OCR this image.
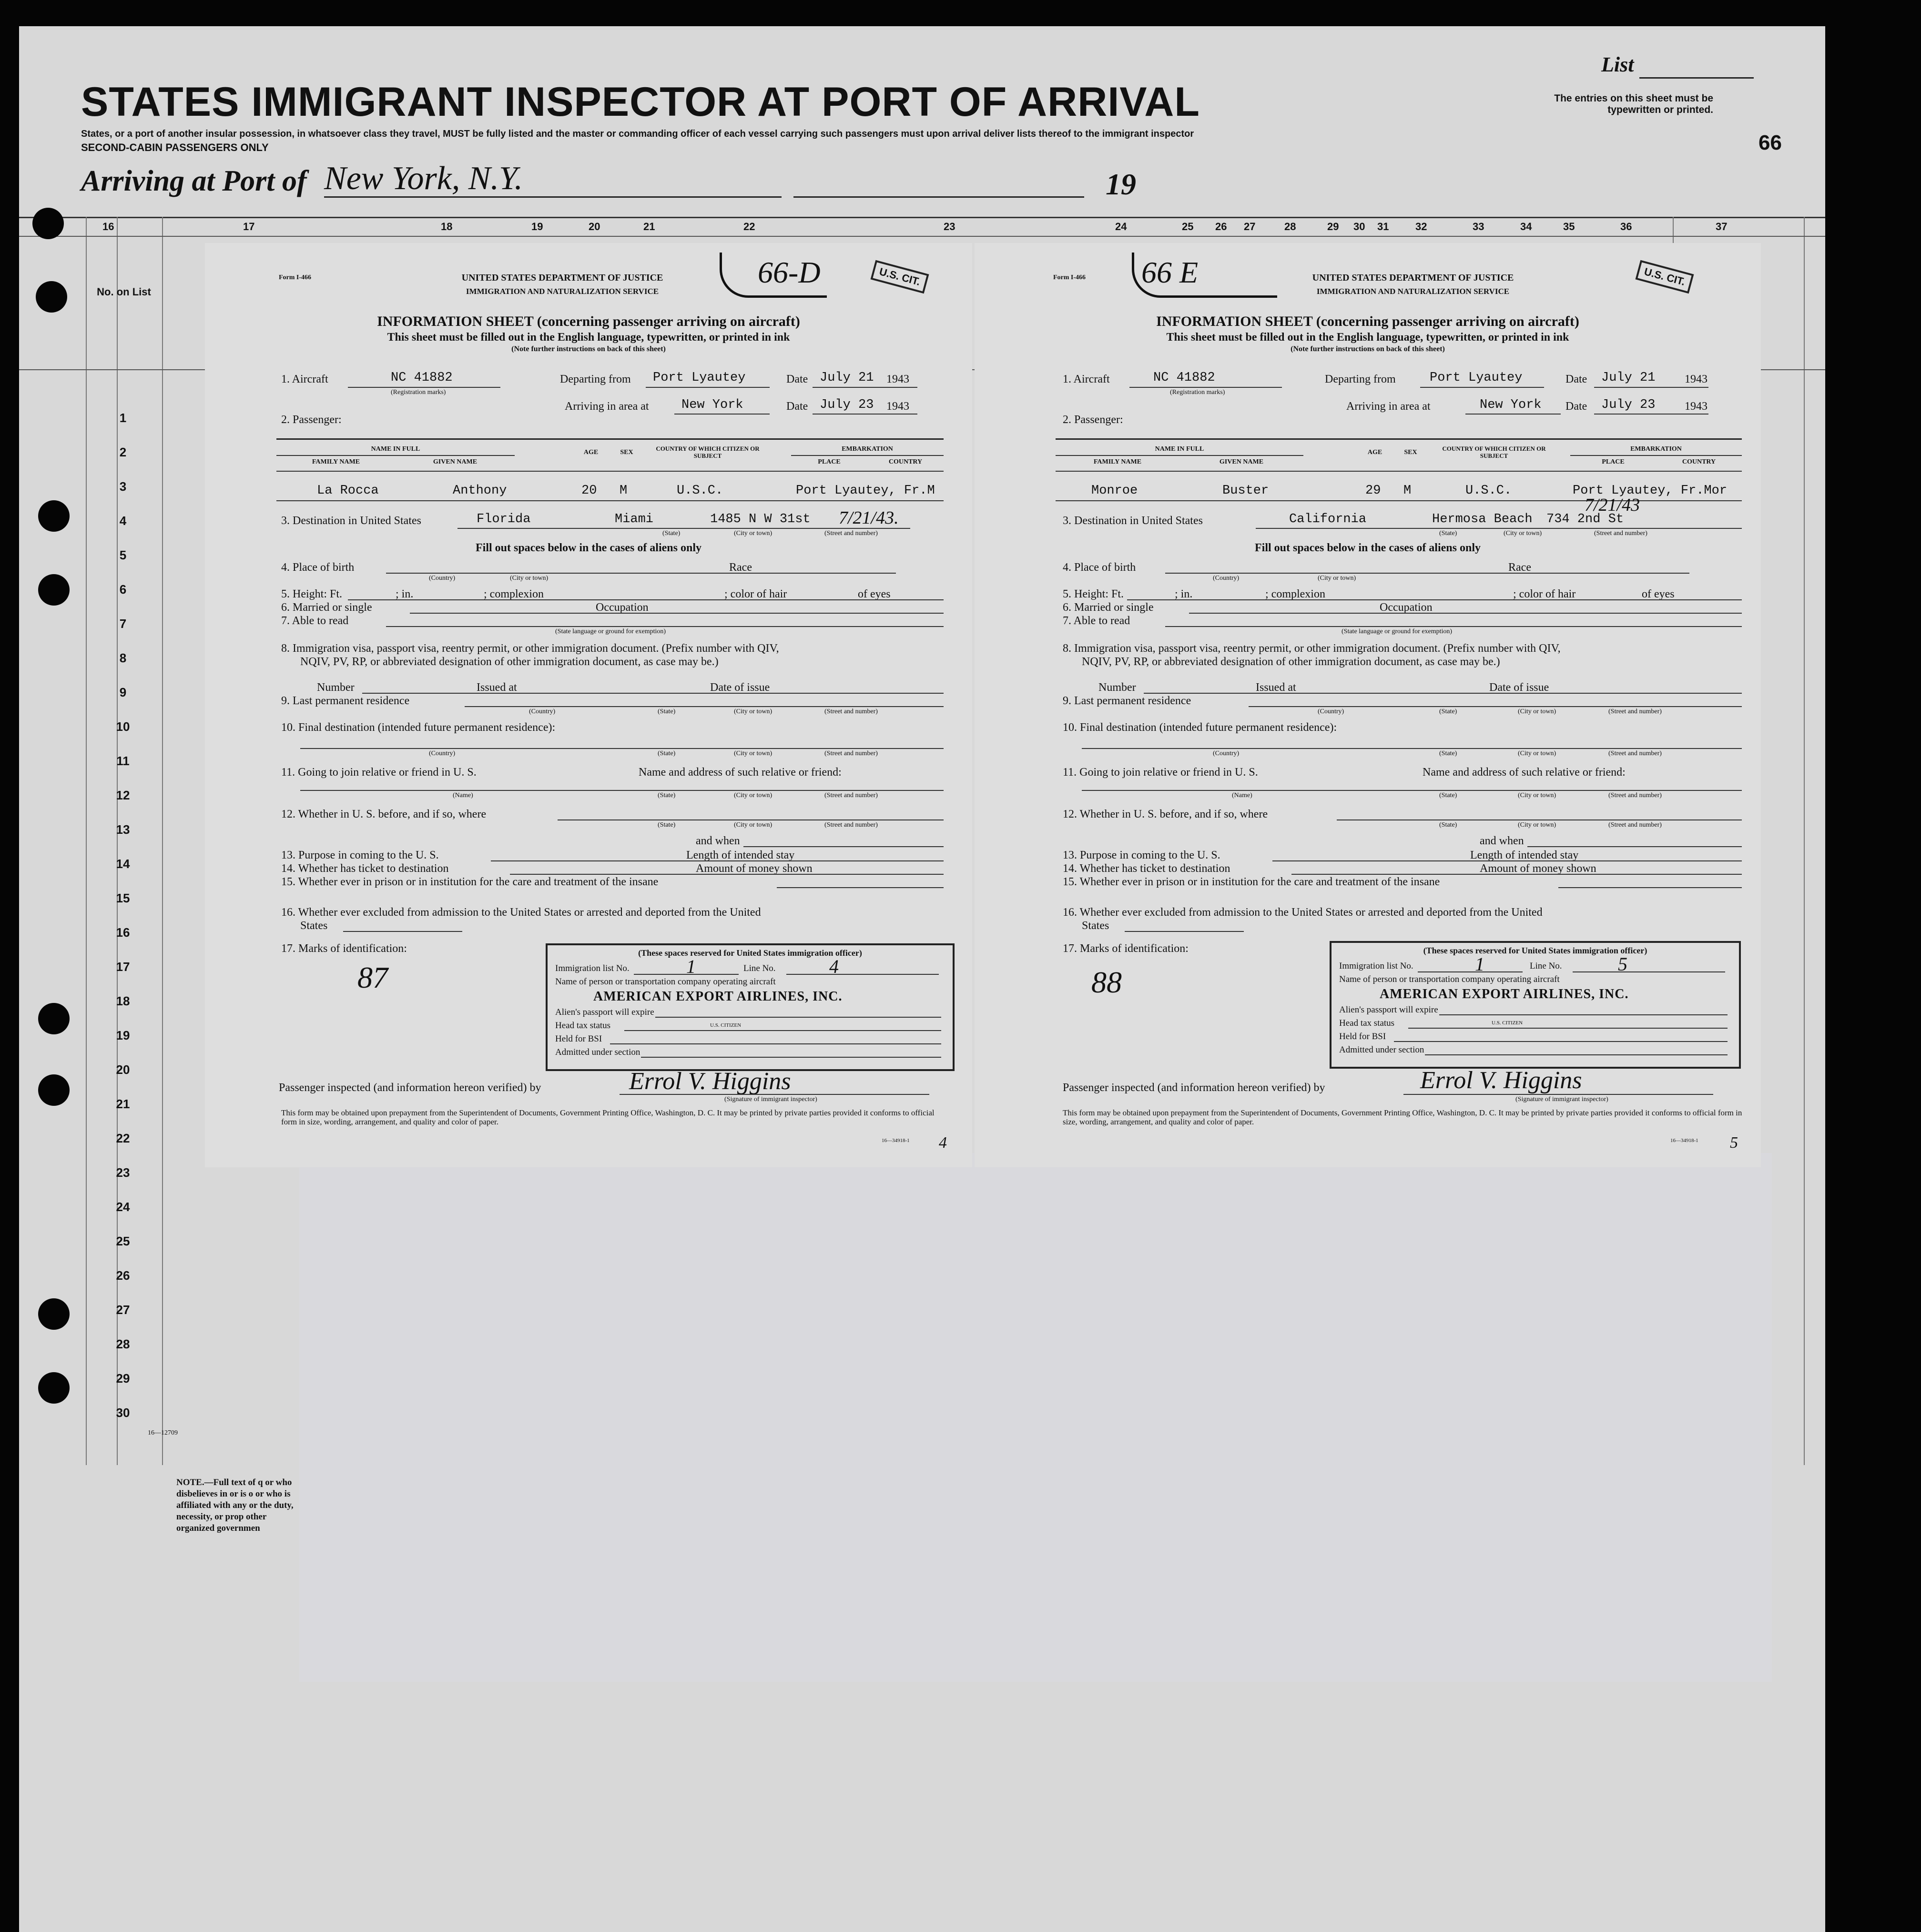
List
The entries on this sheet must be typewritten or printed.
66
STATES IMMIGRANT INSPECTOR AT PORT OF ARRIVAL
States, or a port of another insular possession, in whatsoever class they travel, MUST be fully listed and the master or commanding officer of each vessel carrying such passengers must upon arrival deliver lists thereof to the immigrant inspector
SECOND-CABIN PASSENGERS ONLY
Arriving at Port of New York, N.Y.	19
16	17	18	19	20	21	22	23	24	25 26 27	28	29 30 31	32	33	34	35	36	37
No. on List
1
2
3
4
5
6
7
8
9
10
11
12
13
14
15
16
17
18
19
20
21
22
23
24
25
26
27
28
29
30
16—12709
NOTE.—Full text of q or who disbelieves in or is o or who is affiliated with any or the duty, necessity, or prop other organized governmen
Form I-466	UNITED STATES DEPARTMENT OF JUSTICE
IMMIGRATION AND NATURALIZATION SERVICE
66-D	U.S. CIT.
INFORMATION SHEET (concerning passenger arriving on aircraft)
This sheet must be filled out in the English language, typewritten, or printed in ink
(Note further instructions on back of this sheet)
1. Aircraft	NC 41882
(Registration marks)
Departing from Port Lyautey	Date July 21 1943
Arriving in area at	New York	Date July 23 1943
2. Passenger:
NAME IN FULL
FAMILY NAME	GIVEN NAME
AGE	SEX
COUNTRY OF WHICH CITIZEN OR SUBJECT
EMBARKATION
PLACE	COUNTRY
La Rocca	Anthony	20 M	U.S.C.	Port Lyautey, Fr.M
3. Destination in United States	Florida	Miami	1485 N W 31st 7/21/43.
(State)	(City or town)	(Street and number)
Fill out spaces below in the cases of aliens only
4. Place of birth
(Country)	(City or town)
Race
5. Height: Ft.	; in.	; complexion	; color of hair	of eyes
6. Married or single	Occupation
7. Able to read
(State language or ground for exemption)
8. Immigration visa, passport visa, reentry permit, or other immigration document. (Prefix number with QIV,
NQIV, PV, RP, or abbreviated designation of other immigration document, as case may be.)
Number	Issued at	Date of issue
9. Last permanent residence
(Country)	(State)	(City or town)	(Street and number)
10. Final destination (intended future permanent residence):
(Country)	(State)	(City or town)	(Street and number)
11. Going to join relative or friend in U. S.	Name and address of such relative or friend:
(Name)	(State)	(City or town)	(Street and number)
12. Whether in U. S. before, and if so, where
(State)	(City or town)	(Street and number)
and when
13. Purpose in coming to the U. S.	Length of intended stay
14. Whether has ticket to destination	Amount of money shown
15. Whether ever in prison or in institution for the care and treatment of the insane
16. Whether ever excluded from admission to the United States or arrested and deported from the United
States
17. Marks of identification:
87
(These spaces reserved for United States immigration officer)
Immigration list No.	1	Line No.	4
Name of person or transportation company operating aircraft
AMERICAN EXPORT AIRLINES, INC.
Alien's passport will expire
Head tax status	U.S. CITIZEN
Held for BSI
Admitted under section
Passenger inspected (and information hereon verified) by	Errol V. Higgins
(Signature of immigrant inspector)
This form may be obtained upon prepayment from the Superintendent of Documents, Government Printing Office, Washington, D. C. It may be printed by private parties provided it conforms to official form in size, wording, arrangement, and quality and color of paper.
16—34918-1 4
Form I-466 66 E	UNITED STATES DEPARTMENT OF JUSTICE
IMMIGRATION AND NATURALIZATION SERVICE
U.S. CIT.
INFORMATION SHEET (concerning passenger arriving on aircraft)
This sheet must be filled out in the English language, typewritten, or printed in ink
(Note further instructions on back of this sheet)
1. Aircraft	NC 41882
(Registration marks)
Departing from	Port Lyautey	Date July 21	1943
Arriving in area at	New York Date July 23	1943
2. Passenger:
NAME IN FULL
FAMILY NAME	GIVEN NAME
AGE	SEX
COUNTRY OF WHICH CITIZEN OR SUBJECT
EMBARKATION
PLACE	COUNTRY
Monroe	Buster	29 M	U.S.C.	Port Lyautey, Fr.Mor
7/21/43
3. Destination in United States	California	Hermosa Beach 734 2nd St
(State)	(City or town)	(Street and number)
Fill out spaces below in the cases of aliens only
4. Place of birth
(Country)	(City or town)
Race
5. Height: Ft.	; in.	; complexion	; color of hair	of eyes
6. Married or single	Occupation
7. Able to read
(State language or ground for exemption)
8. Immigration visa, passport visa, reentry permit, or other immigration document. (Prefix number with QIV,
NQIV, PV, RP, or abbreviated designation of other immigration document, as case may be.)
Number	Issued at	Date of issue
9. Last permanent residence
(Country)	(State)	(City or town)	(Street and number)
10. Final destination (intended future permanent residence):
(Country)	(State)	(City or town)	(Street and number)
11. Going to join relative or friend in U. S.	Name and address of such relative or friend:
(Name)	(State)	(City or town)	(Street and number)
12. Whether in U. S. before, and if so, where
(State)	(City or town)	(Street and number)
and when
13. Purpose in coming to the U. S.	Length of intended stay
14. Whether has ticket to destination	Amount of money shown
15. Whether ever in prison or in institution for the care and treatment of the insane
16. Whether ever excluded from admission to the United States or arrested and deported from the United
States
17. Marks of identification:
88
(These spaces reserved for United States immigration officer)
Immigration list No.	1	Line No.	5
Name of person or transportation company operating aircraft
AMERICAN EXPORT AIRLINES, INC.
Alien's passport will expire
Head tax status	U.S. CITIZEN
Held for BSI
Admitted under section
Passenger inspected (and information hereon verified) by	Errol V. Higgins
(Signature of immigrant inspector)
This form may be obtained upon prepayment from the Superintendent of Documents, Government Printing Office, Washington, D. C. It may be printed by private parties provided it conforms to official form in size, wording, arrangement, and quality and color of paper.
16—34918-1 5
